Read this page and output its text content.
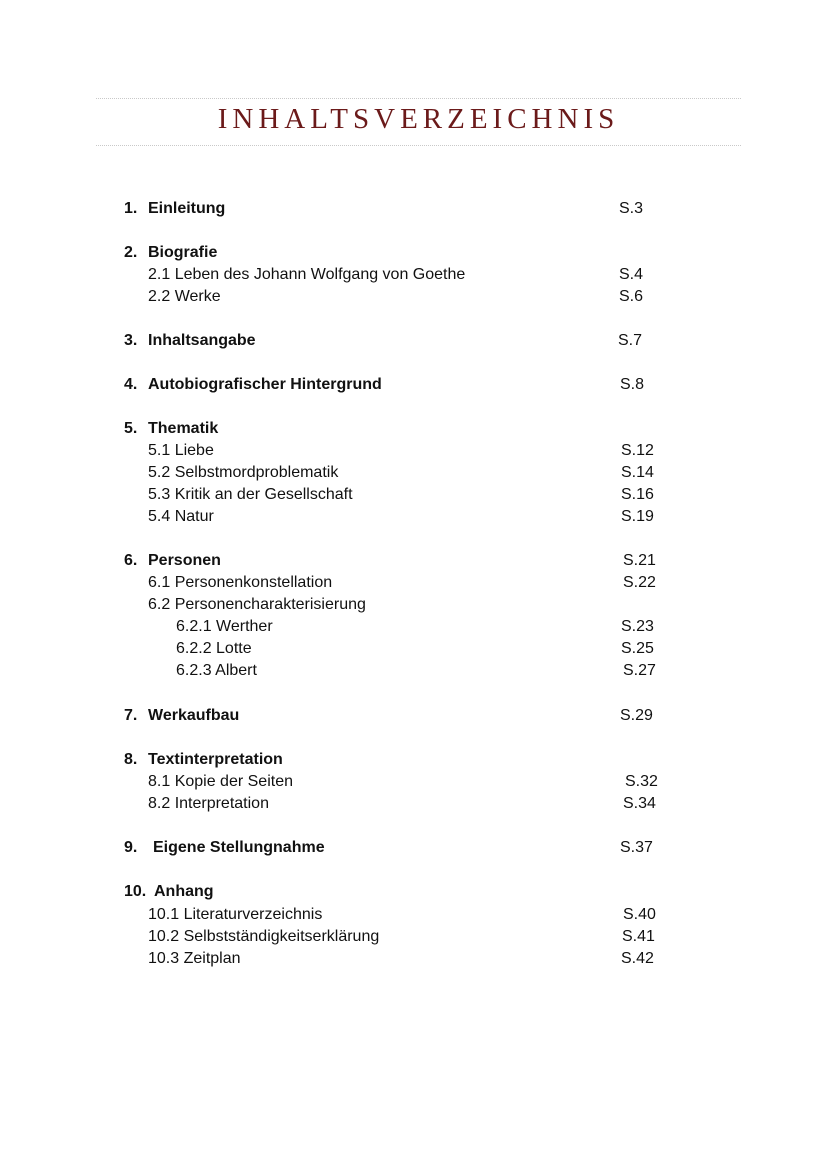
INHALTSVERZEICHNIS
1. Einleitung	S.3
2. Biografie
2.1 Leben des Johann Wolfgang von Goethe	S.4
2.2 Werke	S.6
3. Inhaltsangabe	S.7
4. Autobiografischer Hintergrund	S.8
5. Thematik
5.1 Liebe	S.12
5.2 Selbstmordproblematik	S.14
5.3 Kritik an der Gesellschaft	S.16
5.4 Natur	S.19
6. Personen	S.21
6.1 Personenkonstellation	S.22
6.2 Personencharakterisierung
6.2.1 Werther	S.23
6.2.2 Lotte	S.25
6.2.3 Albert	S.27
7. Werkaufbau	S.29
8. Textinterpretation
8.1 Kopie der Seiten	S.32
8.2 Interpretation	S.34
9. Eigene Stellungnahme	S.37
10. Anhang
10.1 Literaturverzeichnis	S.40
10.2 Selbstständigkeitserklärung	S.41
10.3 Zeitplan	S.42
